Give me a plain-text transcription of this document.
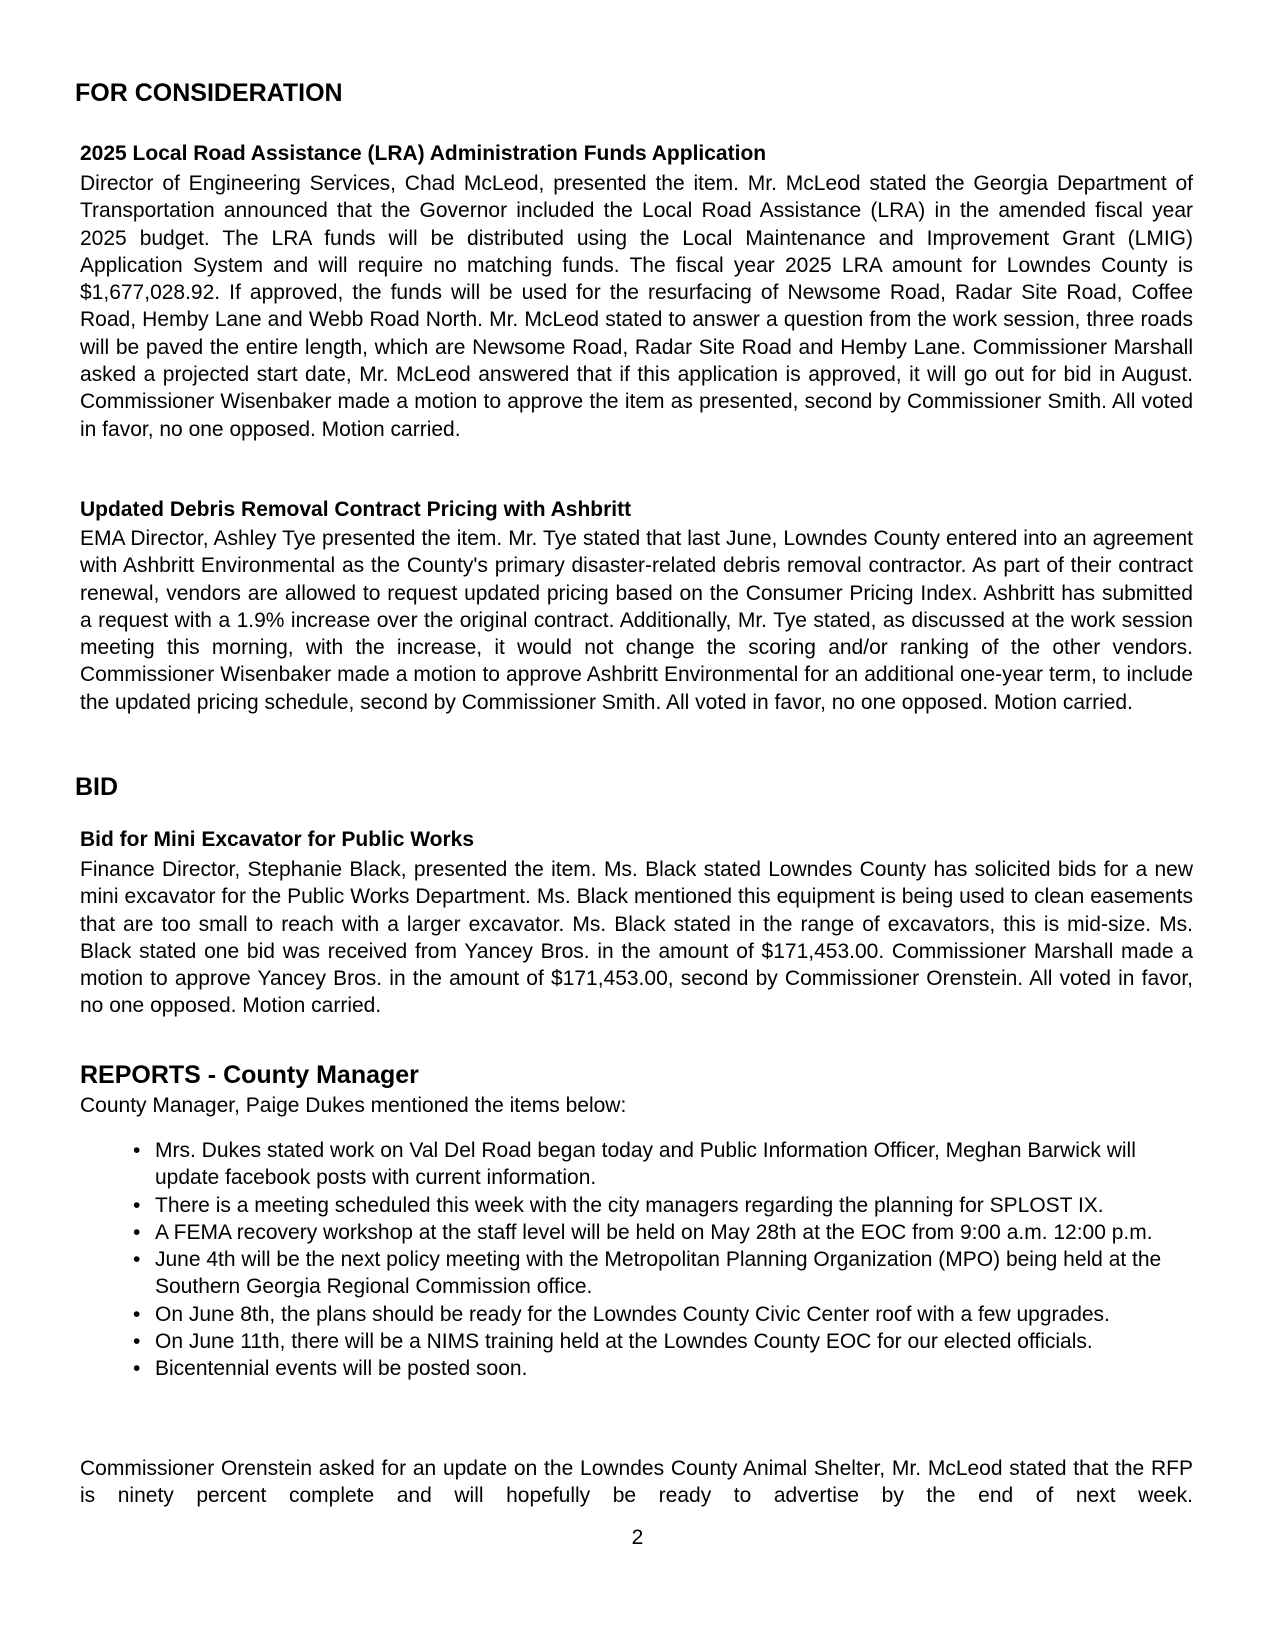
FOR CONSIDERATION
2025 Local Road Assistance (LRA) Administration Funds Application

Director of Engineering Services, Chad McLeod, presented the item. Mr. McLeod stated the Georgia Department of Transportation announced that the Governor included the Local Road Assistance (LRA) in the amended fiscal year 2025 budget. The LRA funds will be distributed using the Local Maintenance and Improvement Grant (LMIG) Application System and will require no matching funds. The fiscal year 2025 LRA amount for Lowndes County is $1,677,028.92. If approved, the funds will be used for the resurfacing of Newsome Road, Radar Site Road, Coffee Road, Hemby Lane and Webb Road North. Mr. McLeod stated to answer a question from the work session, three roads will be paved the entire length, which are Newsome Road, Radar Site Road and Hemby Lane. Commissioner Marshall asked a projected start date, Mr. McLeod answered that if this application is approved, it will go out for bid in August. Commissioner Wisenbaker made a motion to approve the item as presented, second by Commissioner Smith. All voted in favor, no one opposed. Motion carried.

Updated Debris Removal Contract Pricing with Ashbritt

EMA Director, Ashley Tye presented the item. Mr. Tye stated that last June, Lowndes County entered into an agreement with Ashbritt Environmental as the County's primary disaster-related debris removal contractor. As part of their contract renewal, vendors are allowed to request updated pricing based on the Consumer Pricing Index. Ashbritt has submitted a request with a 1.9% increase over the original contract. Additionally, Mr. Tye stated, as discussed at the work session meeting this morning, with the increase, it would not change the scoring and/or ranking of the other vendors. Commissioner Wisenbaker made a motion to approve Ashbritt Environmental for an additional one-year term, to include the updated pricing schedule, second by Commissioner Smith. All voted in favor, no one opposed. Motion carried.

BID
Bid for Mini Excavator for Public Works

Finance Director, Stephanie Black, presented the item. Ms. Black stated Lowndes County has solicited bids for a new mini excavator for the Public Works Department. Ms. Black mentioned this equipment is being used to clean easements that are too small to reach with a larger excavator. Ms. Black stated in the range of excavators, this is mid-size. Ms. Black stated one bid was received from Yancey Bros. in the amount of $171,453.00. Commissioner Marshall made a motion to approve Yancey Bros. in the amount of $171,453.00, second by Commissioner Orenstein. All voted in favor, no one opposed. Motion carried.

REPORTS - County Manager

County Manager, Paige Dukes mentioned the items below:

• Mrs. Dukes stated work on Val Del Road began today and Public Information Officer, Meghan Barwick will update facebook posts with current information.
• There is a meeting scheduled this week with the city managers regarding the planning for SPLOST IX.
• A FEMA recovery workshop at the staff level will be held on May 28th at the EOC from 9:00 a.m. 12:00 p.m.
• June 4th will be the next policy meeting with the Metropolitan Planning Organization (MPO) being held at the Southern Georgia Regional Commission office.
• On June 8th, the plans should be ready for the Lowndes County Civic Center roof with a few upgrades.
• On June 11th, there will be a NIMS training held at the Lowndes County EOC for our elected officials.
• Bicentennial events will be posted soon.

Commissioner Orenstein asked for an update on the Lowndes County Animal Shelter, Mr. McLeod stated that the RFP is ninety percent complete and will hopefully be ready to advertise by the end of next week.

2
